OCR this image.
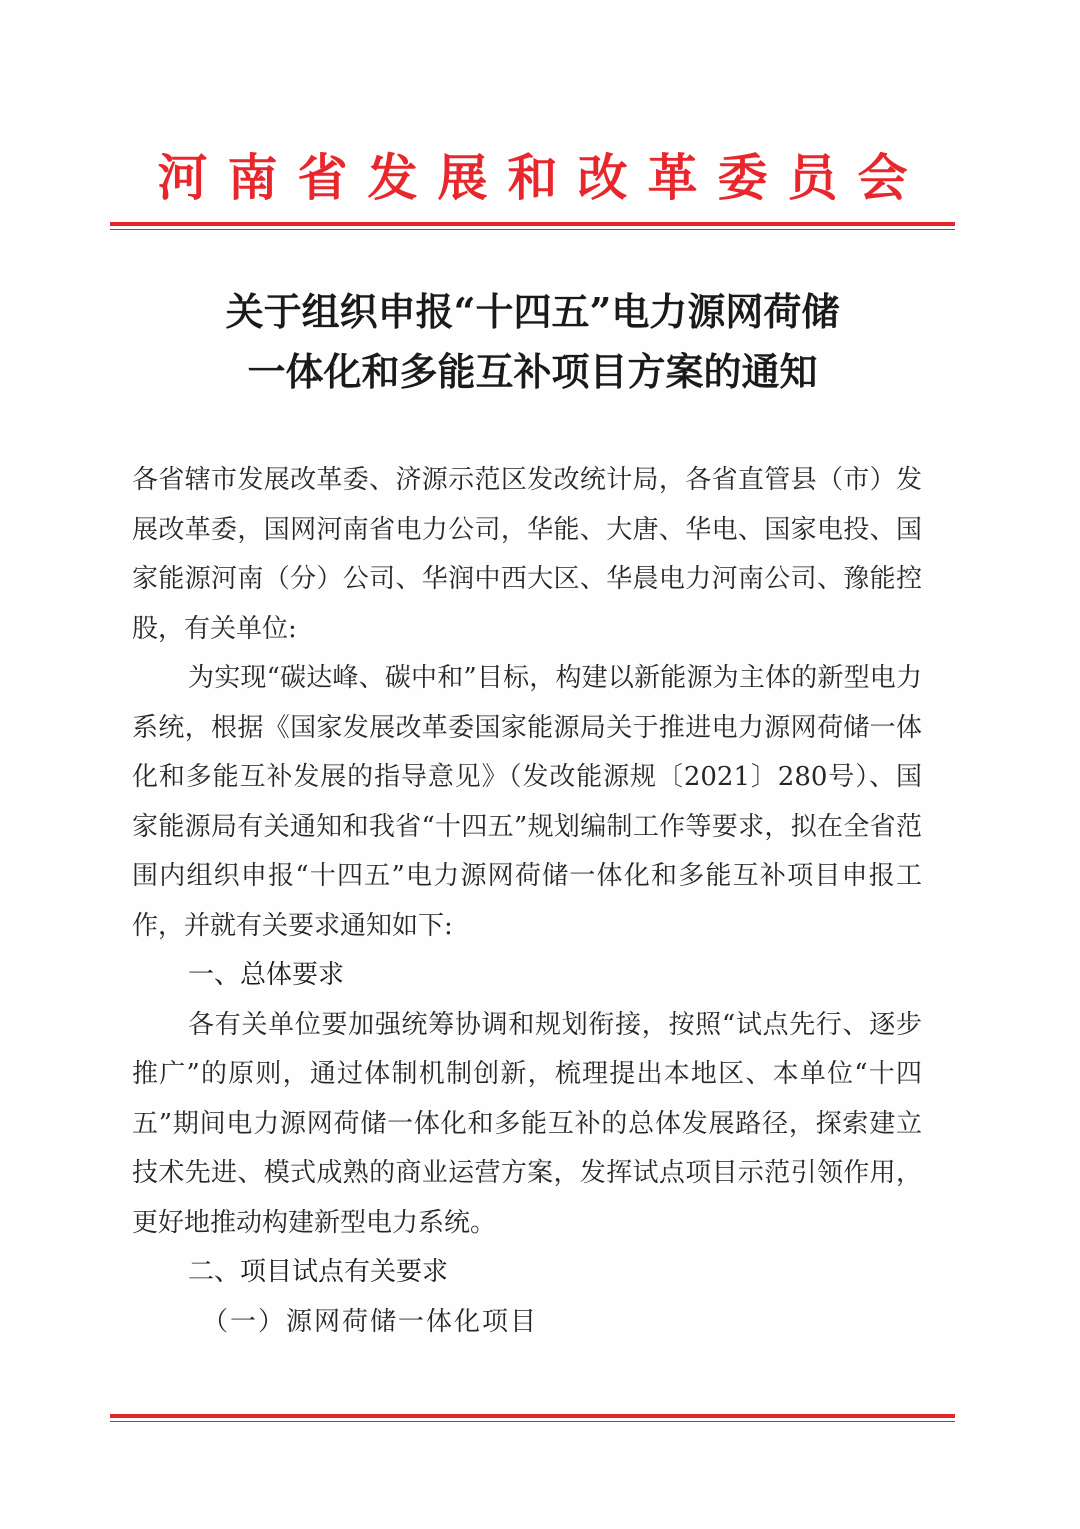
河南省发展和改革委员会
关于组织申报“十四五”电力源网荷储
一体化和多能互补项目方案的通知

各省辖市发展改革委、济源示范区发改统计局，各省直管县（市）发展改革委，国网河南省电力公司，华能、大唐、华电、国家电投、国家能源河南（分）公司、华润中西大区、华晨电力河南公司、豫能控股，有关单位:

为实现“碳达峰、碳中和”目标，构建以新能源为主体的新型电力系统，根据《国家发展改革委国家能源局关于推进电力源网荷储一体化和多能互补发展的指导意见》（发改能源规〔2021〕280号）、国家能源局有关通知和我省“十四五”规划编制工作等要求，拟在全省范围内组织申报“十四五”电力源网荷储一体化和多能互补项目申报工作，并就有关要求通知如下:

一、总体要求

各有关单位要加强统筹协调和规划衔接，按照“试点先行、逐步推广”的原则，通过体制机制创新，梳理提出本地区、本单位“十四五”期间电力源网荷储一体化和多能互补的总体发展路径，探索建立技术先进、模式成熟的商业运营方案，发挥试点项目示范引领作用，更好地推动构建新型电力系统。

二、项目试点有关要求

（一）源网荷储一体化项目
